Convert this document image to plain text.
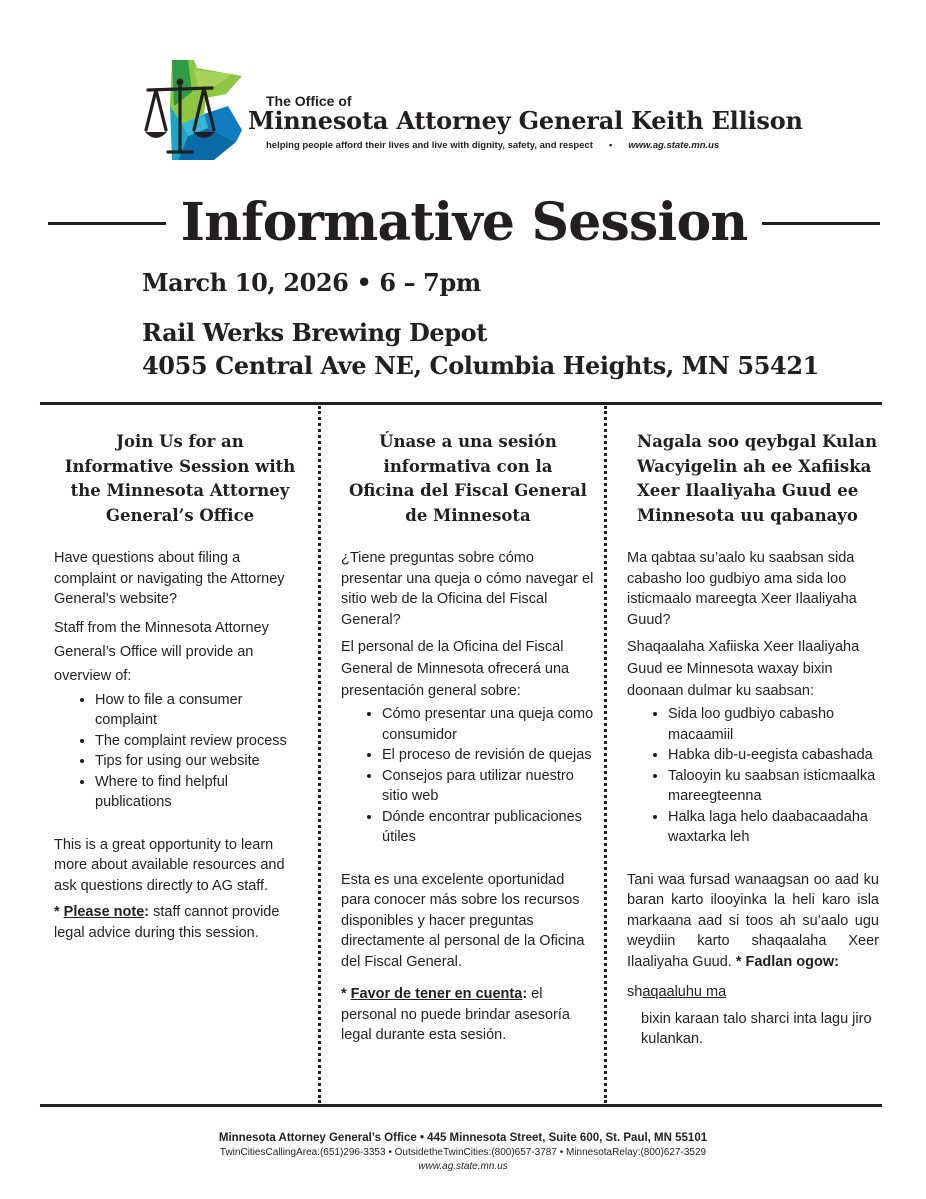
The Office of
Minnesota Attorney General Keith Ellison
helping people afford their lives and live with dignity, safety, and respect • www.ag.state.mn.us
Informative Session
March 10, 2026 • 6 – 7pm
Rail Werks Brewing Depot
4055 Central Ave NE, Columbia Heights, MN 55421
Join Us for an
Informative Session with
the Minnesota Attorney
General’s Office

Have questions about filing a complaint or navigating the Attorney General’s website?

Staff from the Minnesota Attorney General’s Office will provide an overview of:

• How to file a consumer complaint
• The complaint review process
• Tips for using our website
• Where to find helpful publications

This is a great opportunity to learn more about available resources and ask questions directly to AG staff.

* Please note: staff cannot provide legal advice during this session.

Únase a una sesión
informativa con la
Oficina del Fiscal General
de Minnesota

¿Tiene preguntas sobre cómo presentar una queja o cómo navegar el sitio web de la Oficina del Fiscal General?

El personal de la Oficina del Fiscal General de Minnesota ofrecerá una presentación general sobre:

• Cómo presentar una queja como consumidor
• El proceso de revisión de quejas
• Consejos para utilizar nuestro sitio web
• Dónde encontrar publicaciones útiles

Esta es una excelente oportunidad para conocer más sobre los recursos disponibles y hacer preguntas directamente al personal de la Oficina del Fiscal General.

* Favor de tener en cuenta: el personal no puede brindar asesoría legal durante esta sesión.

Nagala soo qeybgal Kulan
Wacyigelin ah ee Xafiiska
Xeer Ilaaliyaha Guud ee
Minnesota uu qabanayo

Ma qabtaa su’aalo ku saabsan sida cabasho loo gudbiyo ama sida loo isticmaalo mareegta Xeer Ilaaliyaha Guud?

Shaqaalaha Xafiiska Xeer Ilaaliyaha Guud ee Minnesota waxay bixin doonaan dulmar ku saabsan:

• Sida loo gudbiyo cabasho macaamiil
• Habka dib-u-eegista cabashada
• Talooyin ku saabsan isticmaalka mareegteenna
• Halka laga helo daabacaadaha waxtarka leh

Tani waa fursad wanaagsan oo aad ku baran karto ilooyinka la heli karo isla markaana aad si toos ah su’aalo ugu weydiin karto shaqaalaha Xeer Ilaaliyaha Guud. * Fadlan ogow:

shaqaaluhu ma

bixin karaan talo sharci inta lagu jiro kulankan.

Minnesota Attorney General’s Office • 445 Minnesota Street, Suite 600, St. Paul, MN 55101
TwinCitiesCallingArea:(651)296-3353 • OutsidetheTwinCities:(800)657-3787 • MinnesotaRelay:(800)627-3529
www.ag.state.mn.us
